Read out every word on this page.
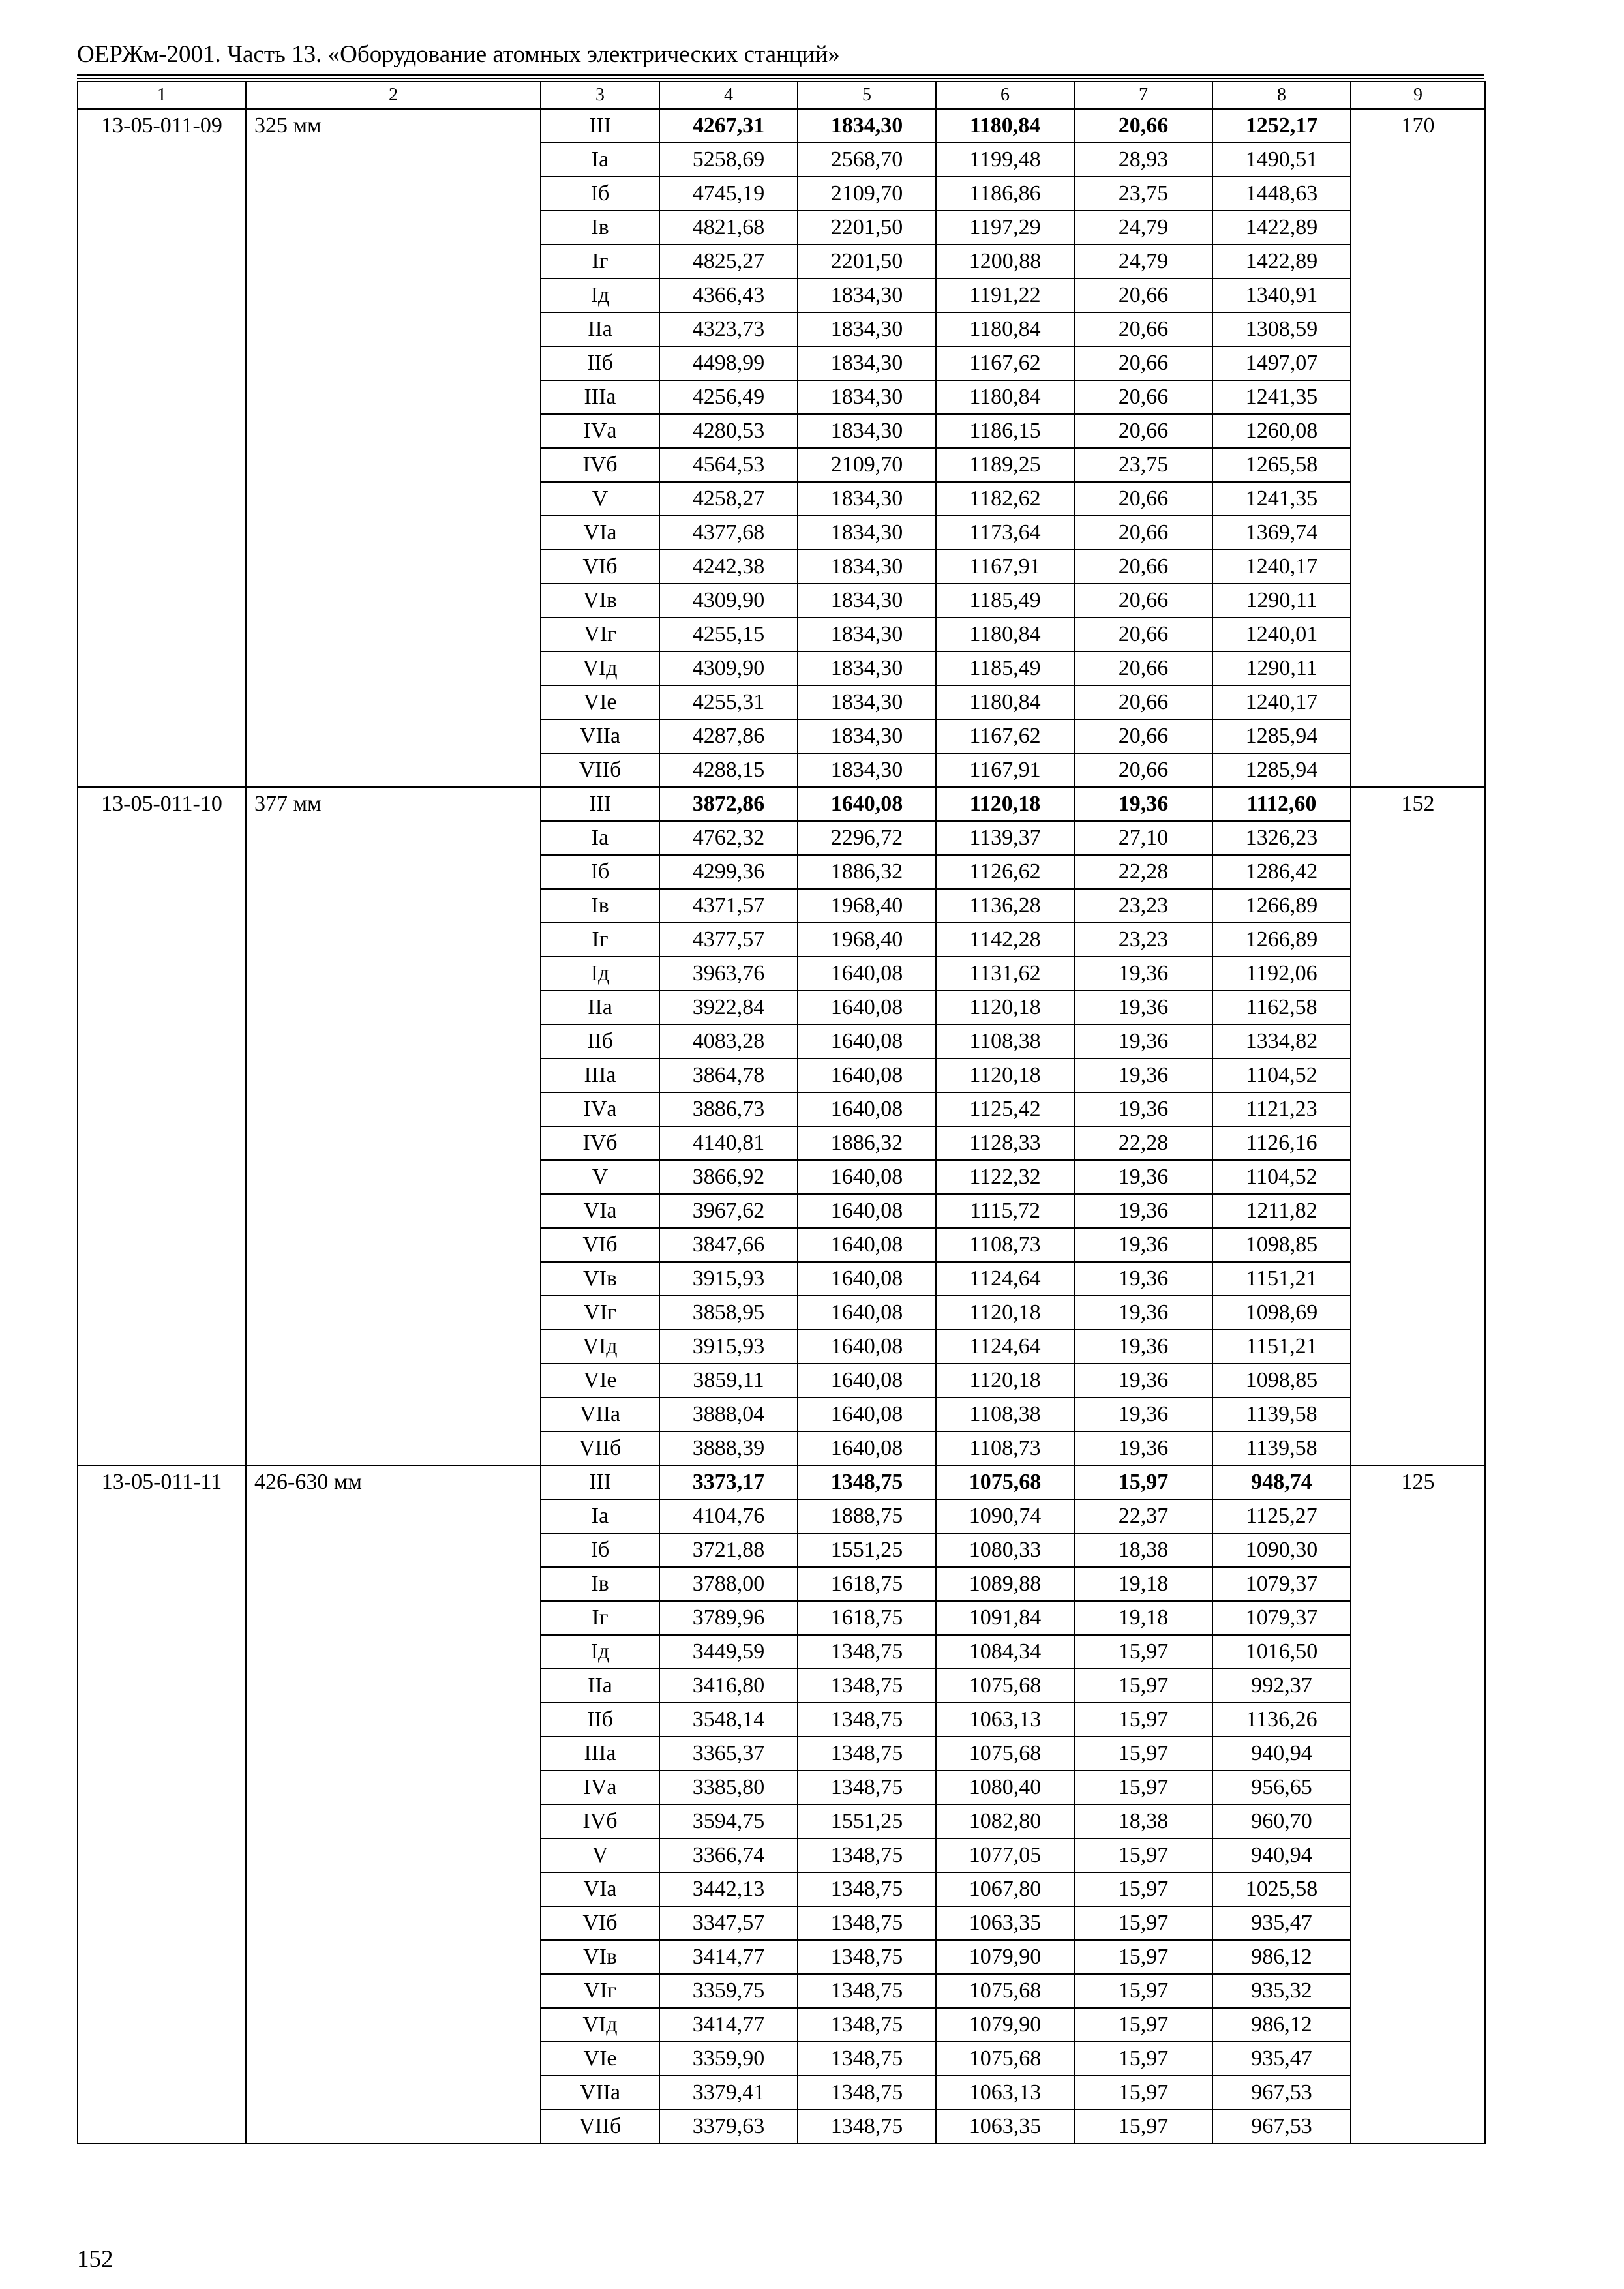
ОЕРЖм-2001. Часть 13. «Оборудование атомных электрических станций»
1	2	3	4	5	6	7	8	9
13-05-011-09	325 мм	III	4267,31	1834,30	1180,84	20,66	1252,17	170
		Iа	5258,69	2568,70	1199,48	28,93	1490,51	
		Iб	4745,19	2109,70	1186,86	23,75	1448,63	
		Iв	4821,68	2201,50	1197,29	24,79	1422,89	
		Iг	4825,27	2201,50	1200,88	24,79	1422,89	
		Iд	4366,43	1834,30	1191,22	20,66	1340,91	
		IIа	4323,73	1834,30	1180,84	20,66	1308,59	
		IIб	4498,99	1834,30	1167,62	20,66	1497,07	
		IIIа	4256,49	1834,30	1180,84	20,66	1241,35	
		IVа	4280,53	1834,30	1186,15	20,66	1260,08	
		IVб	4564,53	2109,70	1189,25	23,75	1265,58	
		V	4258,27	1834,30	1182,62	20,66	1241,35	
		VIа	4377,68	1834,30	1173,64	20,66	1369,74	
		VIб	4242,38	1834,30	1167,91	20,66	1240,17	
		VIв	4309,90	1834,30	1185,49	20,66	1290,11	
		VIг	4255,15	1834,30	1180,84	20,66	1240,01	
		VIд	4309,90	1834,30	1185,49	20,66	1290,11	
		VIе	4255,31	1834,30	1180,84	20,66	1240,17	
		VIIа	4287,86	1834,30	1167,62	20,66	1285,94	
		VIIб	4288,15	1834,30	1167,91	20,66	1285,94	
13-05-011-10	377 мм	III	3872,86	1640,08	1120,18	19,36	1112,60	152
		Iа	4762,32	2296,72	1139,37	27,10	1326,23	
		Iб	4299,36	1886,32	1126,62	22,28	1286,42	
		Iв	4371,57	1968,40	1136,28	23,23	1266,89	
		Iг	4377,57	1968,40	1142,28	23,23	1266,89	
		Iд	3963,76	1640,08	1131,62	19,36	1192,06	
		IIа	3922,84	1640,08	1120,18	19,36	1162,58	
		IIб	4083,28	1640,08	1108,38	19,36	1334,82	
		IIIа	3864,78	1640,08	1120,18	19,36	1104,52	
		IVа	3886,73	1640,08	1125,42	19,36	1121,23	
		IVб	4140,81	1886,32	1128,33	22,28	1126,16	
		V	3866,92	1640,08	1122,32	19,36	1104,52	
		VIа	3967,62	1640,08	1115,72	19,36	1211,82	
		VIб	3847,66	1640,08	1108,73	19,36	1098,85	
		VIв	3915,93	1640,08	1124,64	19,36	1151,21	
		VIг	3858,95	1640,08	1120,18	19,36	1098,69	
		VIд	3915,93	1640,08	1124,64	19,36	1151,21	
		VIе	3859,11	1640,08	1120,18	19,36	1098,85	
		VIIа	3888,04	1640,08	1108,38	19,36	1139,58	
		VIIб	3888,39	1640,08	1108,73	19,36	1139,58	
13-05-011-11	426-630 мм	III	3373,17	1348,75	1075,68	15,97	948,74	125
		Iа	4104,76	1888,75	1090,74	22,37	1125,27	
		Iб	3721,88	1551,25	1080,33	18,38	1090,30	
		Iв	3788,00	1618,75	1089,88	19,18	1079,37	
		Iг	3789,96	1618,75	1091,84	19,18	1079,37	
		Iд	3449,59	1348,75	1084,34	15,97	1016,50	
		IIа	3416,80	1348,75	1075,68	15,97	992,37	
		IIб	3548,14	1348,75	1063,13	15,97	1136,26	
		IIIа	3365,37	1348,75	1075,68	15,97	940,94	
		IVа	3385,80	1348,75	1080,40	15,97	956,65	
		IVб	3594,75	1551,25	1082,80	18,38	960,70	
		V	3366,74	1348,75	1077,05	15,97	940,94	
		VIа	3442,13	1348,75	1067,80	15,97	1025,58	
		VIб	3347,57	1348,75	1063,35	15,97	935,47	
		VIв	3414,77	1348,75	1079,90	15,97	986,12	
		VIг	3359,75	1348,75	1075,68	15,97	935,32	
		VIд	3414,77	1348,75	1079,90	15,97	986,12	
		VIе	3359,90	1348,75	1075,68	15,97	935,47	
		VIIа	3379,41	1348,75	1063,13	15,97	967,53	
		VIIб	3379,63	1348,75	1063,35	15,97	967,53	
152
